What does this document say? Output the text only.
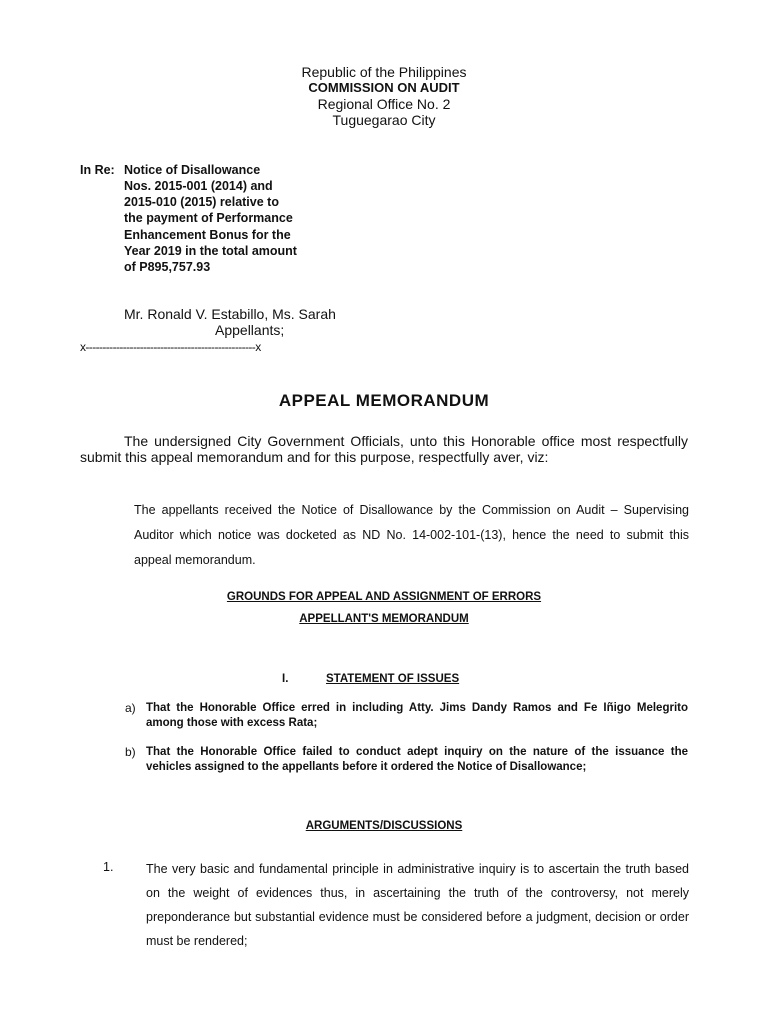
Republic of the Philippines
COMMISSION ON AUDIT
Regional Office No. 2
Tuguegarao City
In Re: Notice of Disallowance
Nos. 2015-001 (2014) and
2015-010 (2015) relative to
the payment of Performance
Enhancement Bonus for the
Year 2019 in the total amount
of P895,757.93
Mr. Ronald V. Estabillo, Ms. Sarah
Appellants;
x--------------------------------------------------x
APPEAL MEMORANDUM
The undersigned City Government Officials, unto this Honorable office most respectfully submit this appeal memorandum and for this purpose, respectfully aver, viz:
The appellants received the Notice of Disallowance by the Commission on Audit – Supervising Auditor which notice was docketed as ND No. 14-002-101-(13), hence the need to submit this appeal memorandum.
GROUNDS FOR APPEAL AND ASSIGNMENT OF ERRORS
APPELLANT'S MEMORANDUM
I.	STATEMENT OF ISSUES
a) That the Honorable Office erred in including Atty. Jims Dandy Ramos and Fe Iñigo Melegrito among those with excess Rata;
b) That the Honorable Office failed to conduct adept inquiry on the nature of the issuance the vehicles assigned to the appellants before it ordered the Notice of Disallowance;
ARGUMENTS/DISCUSSIONS
1.	The very basic and fundamental principle in administrative inquiry is to ascertain the truth based on the weight of evidences thus, in ascertaining the truth of the controversy, not merely preponderance but substantial evidence must be considered before a judgment, decision or order must be rendered;
